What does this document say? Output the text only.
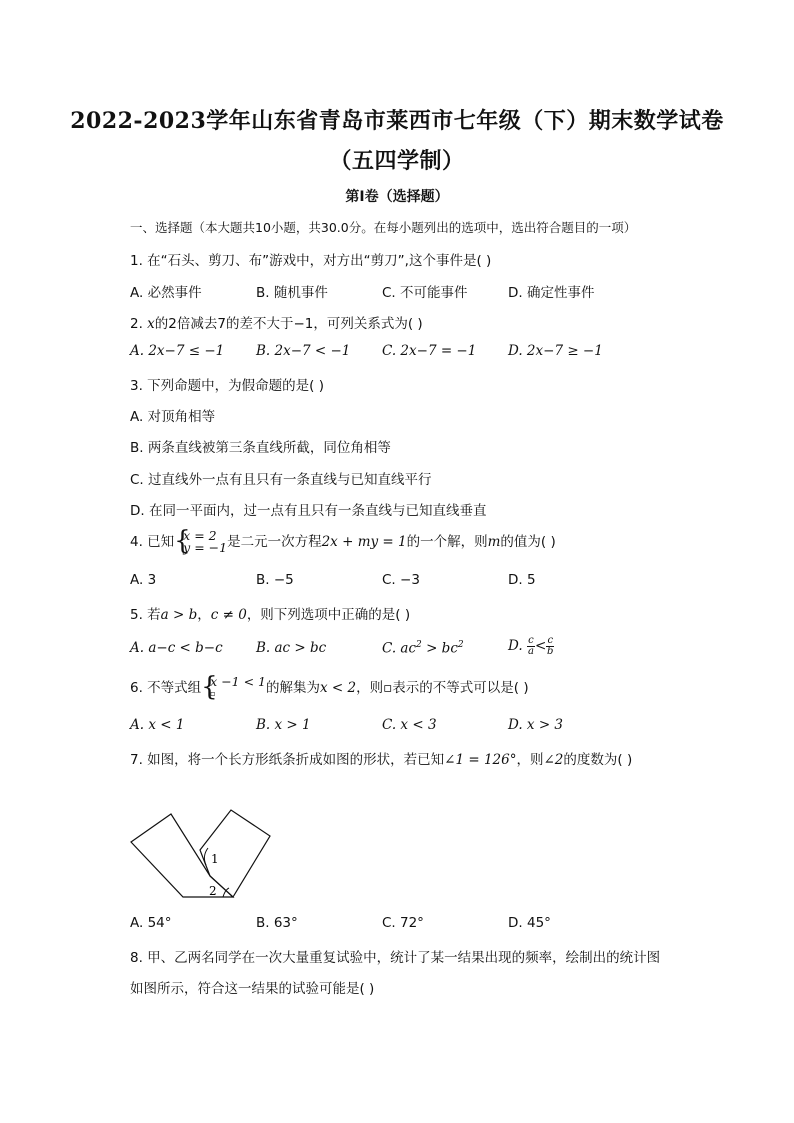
2022-2023学年山东省青岛市莱西市七年级（下）期末数学试卷
（五四学制）
第I卷（选择题）
一、选择题（本大题共10小题，共30.0分。在每小题列出的选项中，选出符合题目的一项）
1. 在“石头、剪刀、布”游戏中，对方出“剪刀”,这个事件是( )
A. 必然事件	B. 随机事件	C. 不可能事件	D. 确定性事件
2. x的2倍减去7的差不大于−1，可列关系式为( )
A. 2x−7 ≤ −1 B. 2x−7 < −1 C. 2x−7 = −1 D. 2x−7 ≥ −1
3. 下列命题中，为假命题的是( )
A. 对顶角相等
B. 两条直线被第三条直线所截，同位角相等
C. 过直线外一点有且只有一条直线与已知直线平行
D. 在同一平面内，过一点有且只有一条直线与已知直线垂直
4. 已知 { x = 2
y = −1 是二元一次方程2x + my = 1的一个解，则m的值为( )
A. 3	B. −5	C. −3	D. 5
5. 若a > b，c ≠ 0，则下列选项中正确的是( )
A. a−c < b−c B. ac > bc	C. $ac^2 > bc^2$	D. $\frac{c}{a} < \frac{c}{b}$
6. 不等式组 { x −1 < 1
▫	的解集为x < 2，则▫表示的不等式可以是( )
A. x < 1	B. x > 1	C. x < 3	D. x > 3
7. 如图，将一个长方形纸条折成如图的形状，若已知∠1 = 126°，则∠2的度数为( )
1
2
A. 54°	B. 63°	C. 72°	D. 45°
8. 甲、乙两名同学在一次大量重复试验中，统计了某一结果出现的频率，绘制出的统计图
如图所示，符合这一结果的试验可能是( )
